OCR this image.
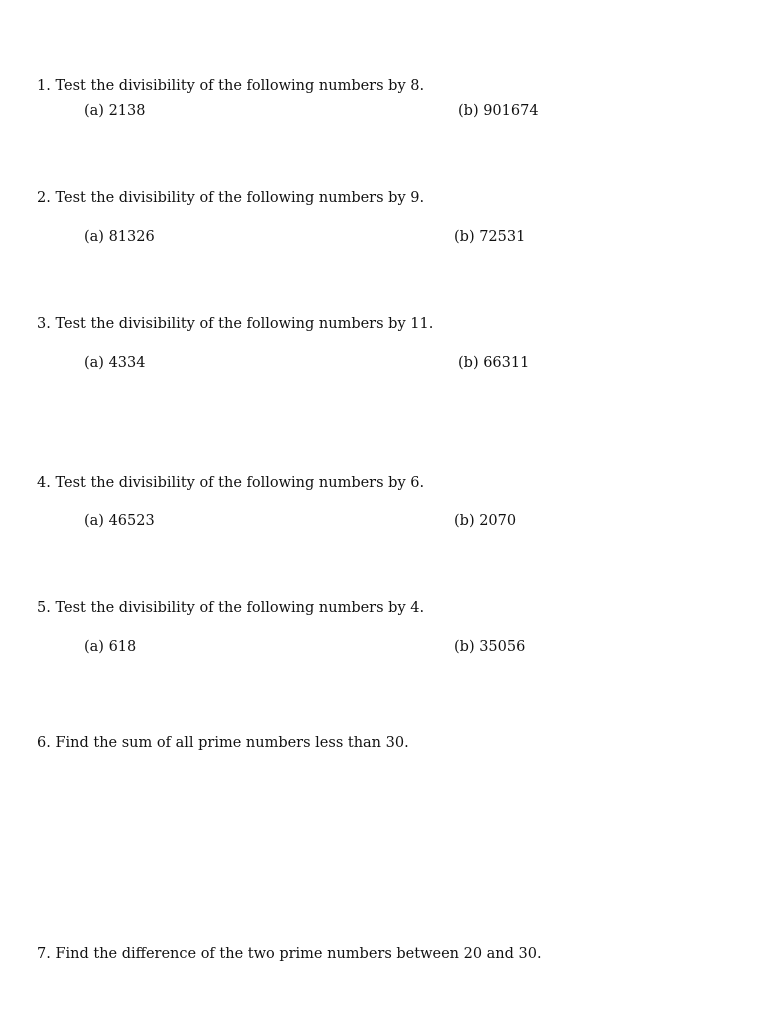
1. Test the divisibility of the following numbers by 8.
(a) 2138	(b) 901674
2. Test the divisibility of the following numbers by 9.
(a) 81326	(b) 72531
3. Test the divisibility of the following numbers by 11.
(a) 4334	(b) 66311
4. Test the divisibility of the following numbers by 6.
(a) 46523	(b) 2070
5. Test the divisibility of the following numbers by 4.
(a) 618	(b) 35056
6. Find the sum of all prime numbers less than 30.
7. Find the difference of the two prime numbers between 20 and 30.
